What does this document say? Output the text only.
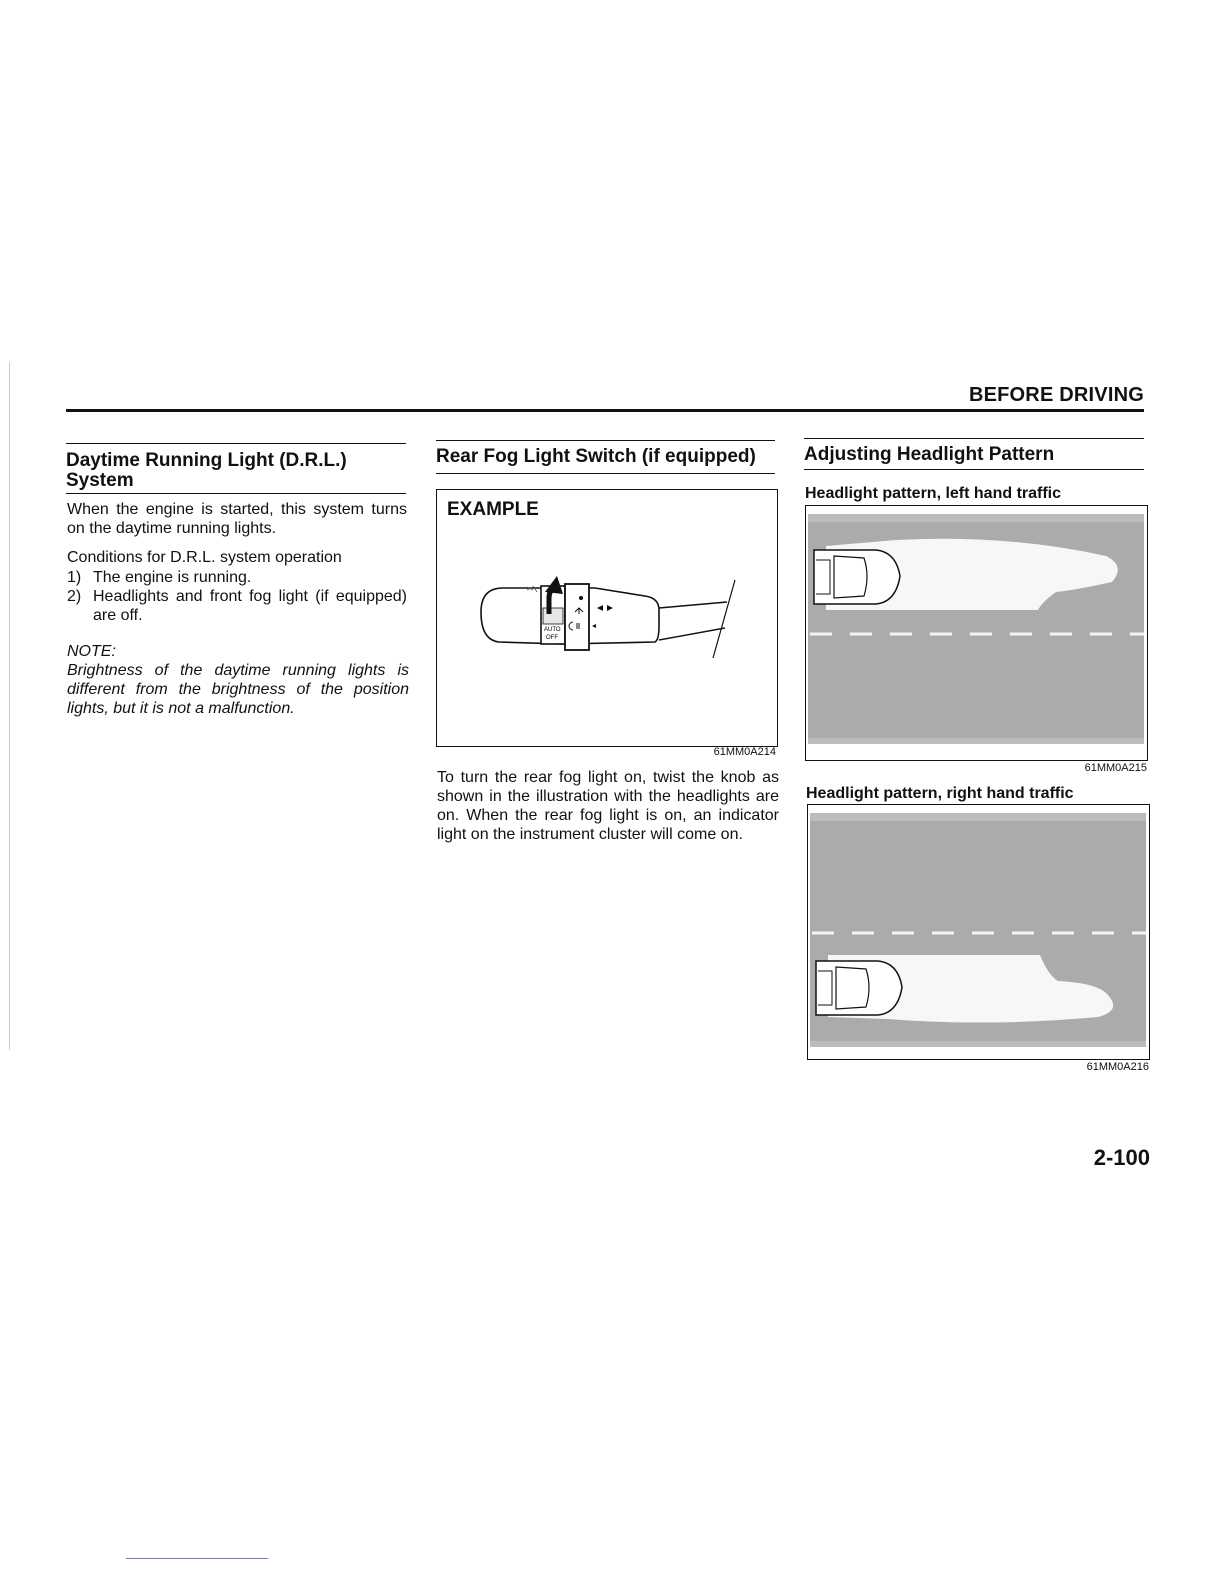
BEFORE DRIVING
Daytime Running Light (D.R.L.)
System
When the engine is started, this system turns on the daytime running lights.
Conditions for D.R.L. system operation
1) The engine is running.
2) Headlights and front fog light (if equipped) are off.
NOTE:
Brightness of the daytime running lights is different from the brightness of the position lights, but it is not a malfunction.
Rear Fog Light Switch (if equipped)
EXAMPLE
AUTO
OFF
61MM0A214
To turn the rear fog light on, twist the knob as shown in the illustration with the headlights are on. When the rear fog light is on, an indicator light on the instrument cluster will come on.
Adjusting Headlight Pattern
Headlight pattern, left hand traffic
61MM0A215
Headlight pattern, right hand traffic
61MM0A216
2-100
